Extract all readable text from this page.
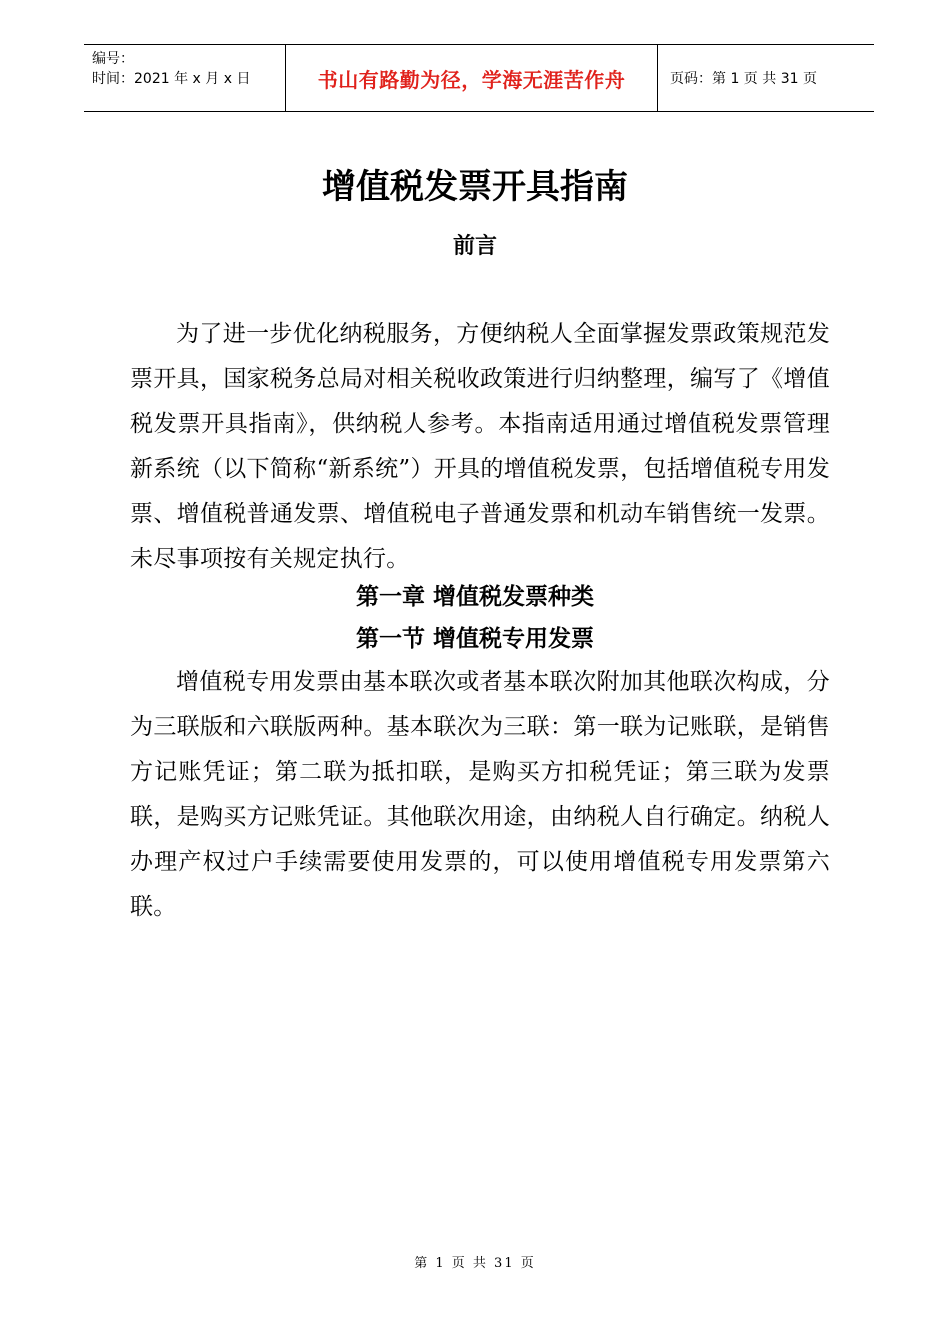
编号：
时间：2021 年 x 月 x 日	书山有路勤为径，学海无涯苦作舟	页码：第 1 页 共 31 页
增值税发票开具指南
前言

为了进一步优化纳税服务，方便纳税人全面掌握发票政策规范发票开具，国家税务总局对相关税收政策进行归纳整理，编写了《增值税发票开具指南》，供纳税人参考。本指南适用通过增值税发票管理新系统（以下简称“新系统”）开具的增值税发票，包括增值税专用发票、增值税普通发票、增值税电子普通发票和机动车销售统一发票。未尽事项按有关规定执行。

第一章 增值税发票种类
第一节 增值税专用发票

增值税专用发票由基本联次或者基本联次附加其他联次构成，分为三联版和六联版两种。基本联次为三联：第一联为记账联，是销售方记账凭证；第二联为抵扣联，是购买方扣税凭证；第三联为发票联，是购买方记账凭证。其他联次用途，由纳税人自行确定。纳税人办理产权过户手续需要使用发票的，可以使用增值税专用发票第六联。

第 1 页 共 31 页
